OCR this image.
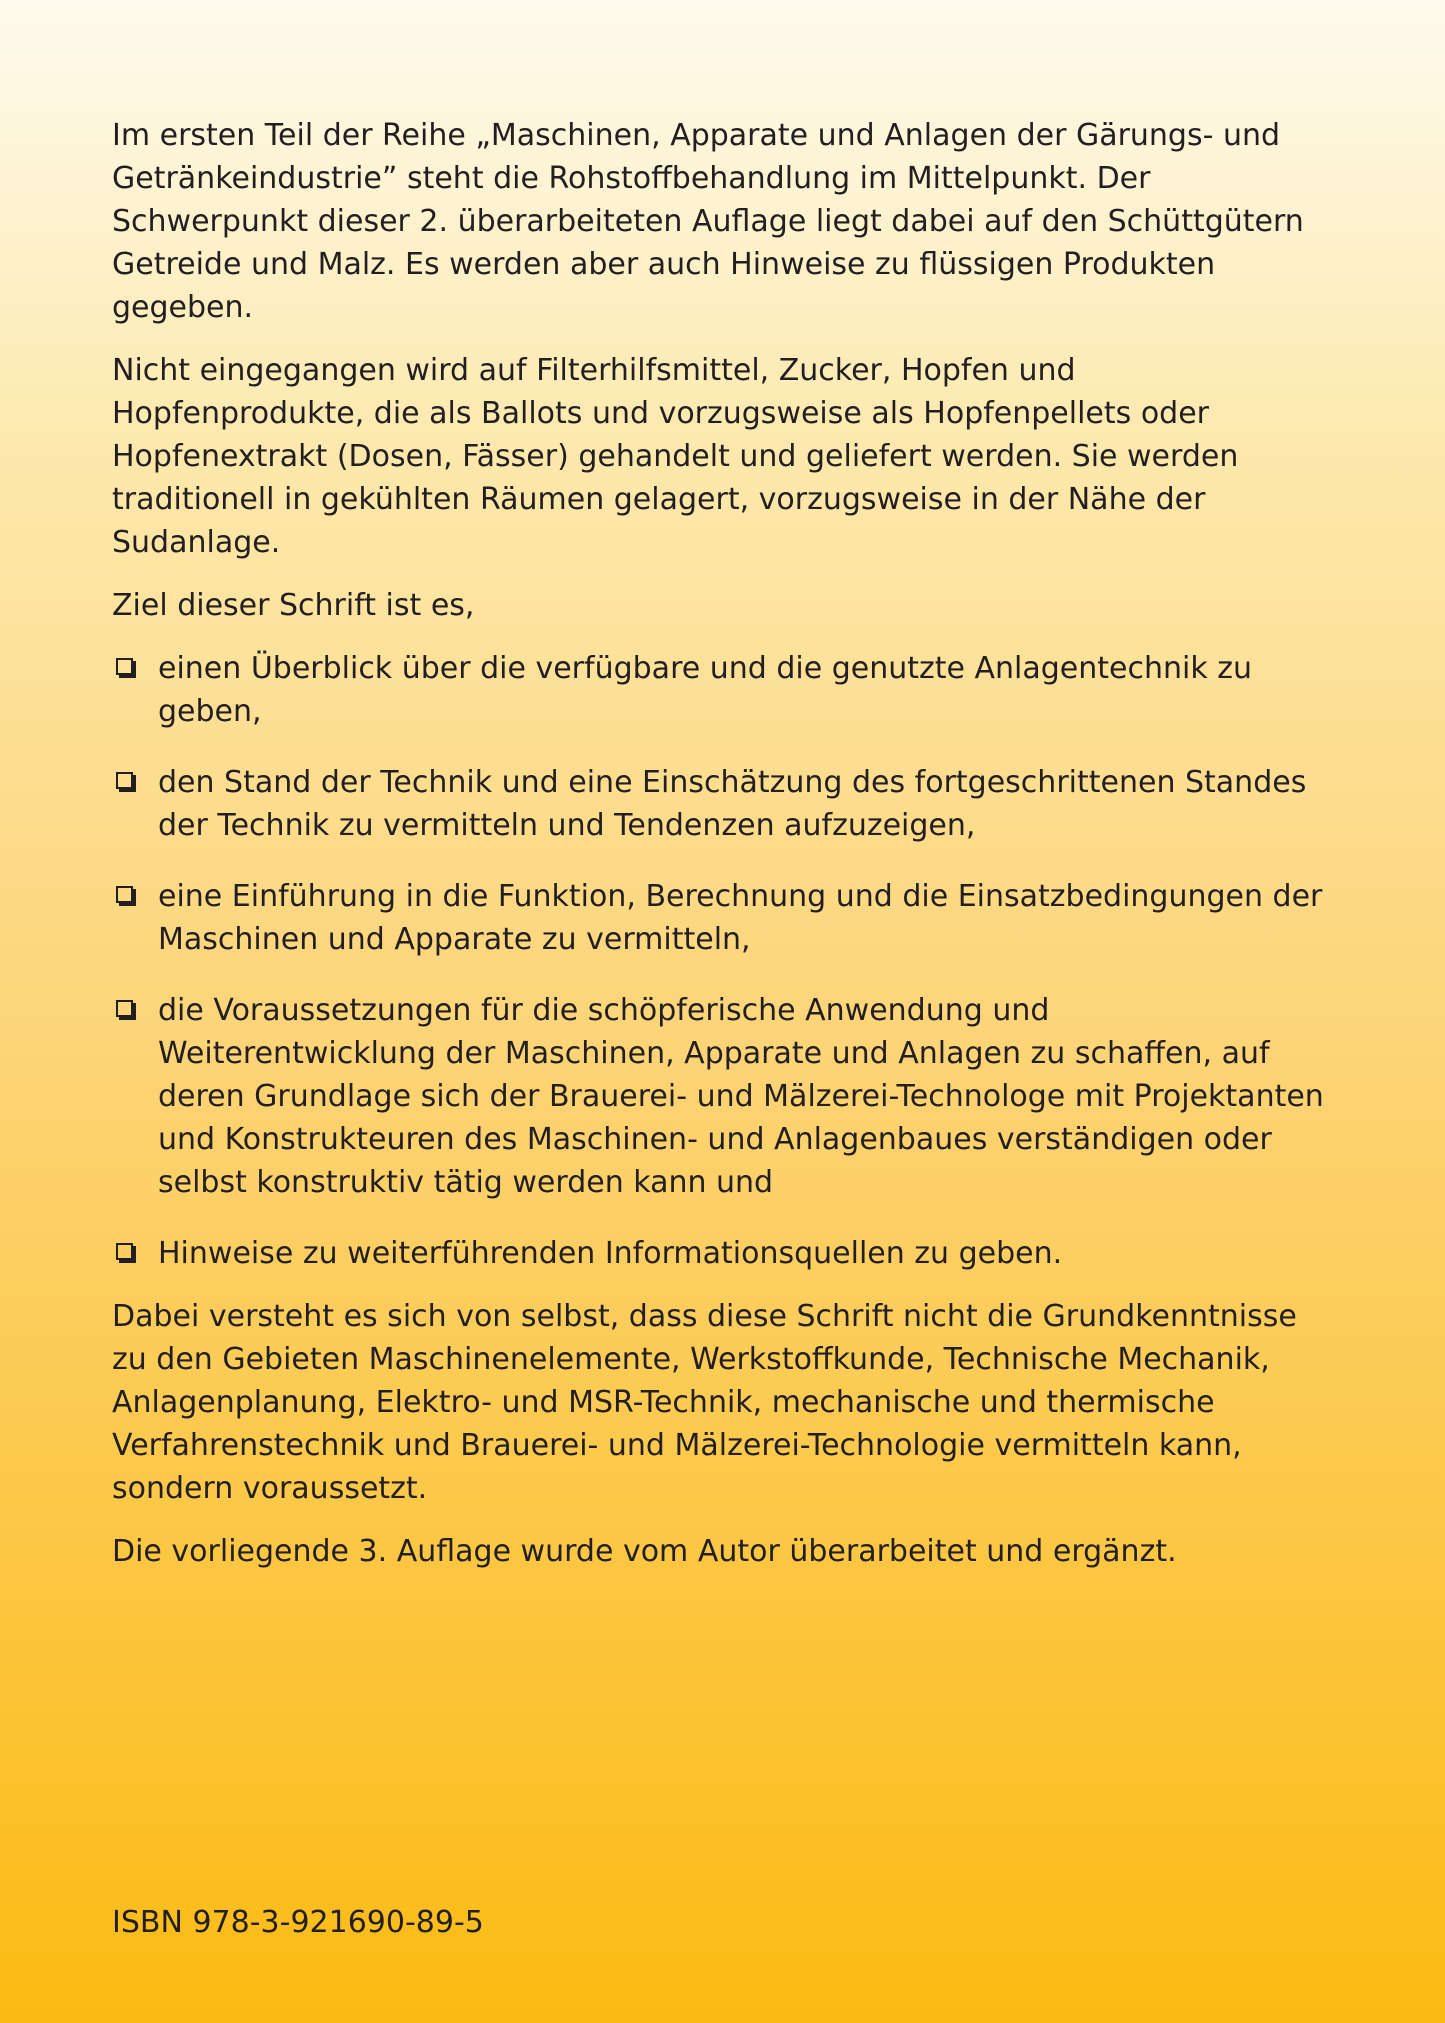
Im ersten Teil der Reihe „Maschinen, Apparate und Anlagen der Gärungs- und Getränkeindustrie” steht die Rohstoffbehandlung im Mittelpunkt. Der Schwerpunkt dieser 2. überarbeiteten Auflage liegt dabei auf den Schüttgütern Getreide und Malz. Es werden aber auch Hinweise zu flüssigen Produkten gegeben.

Nicht eingegangen wird auf Filterhilfsmittel, Zucker, Hopfen und Hopfenprodukte, die als Ballots und vorzugsweise als Hopfenpellets oder Hopfenextrakt (Dosen, Fässer) gehandelt und geliefert werden. Sie werden traditionell in gekühlten Räumen gelagert, vorzugsweise in der Nähe der Sudanlage.

Ziel dieser Schrift ist es,

einen Überblick über die verfügbare und die genutzte Anlagentechnik zu geben,
den Stand der Technik und eine Einschätzung des fortgeschrittenen Standes der Technik zu vermitteln und Tendenzen aufzuzeigen,
eine Einführung in die Funktion, Berechnung und die Einsatzbedingungen der Maschinen und Apparate zu vermitteln,
die Voraussetzungen für die schöpferische Anwendung und Weiterentwicklung der Maschinen, Apparate und Anlagen zu schaffen, auf deren Grundlage sich der Brauerei- und Mälzerei-Technologe mit Projektanten und Konstrukteuren des Maschinen- und Anlagenbaues verständigen oder selbst konstruktiv tätig werden kann und
Hinweise zu weiterführenden Informationsquellen zu geben.

Dabei versteht es sich von selbst, dass diese Schrift nicht die Grundkenntnisse zu den Gebieten Maschinenelemente, Werkstoffkunde, Technische Mechanik, Anlagenplanung, Elektro- und MSR-Technik, mechanische und thermische Verfahrenstechnik und Brauerei- und Mälzerei-Technologie vermitteln kann, sondern voraussetzt.

Die vorliegende 3. Auflage wurde vom Autor überarbeitet und ergänzt.

ISBN 978-3-921690-89-5
